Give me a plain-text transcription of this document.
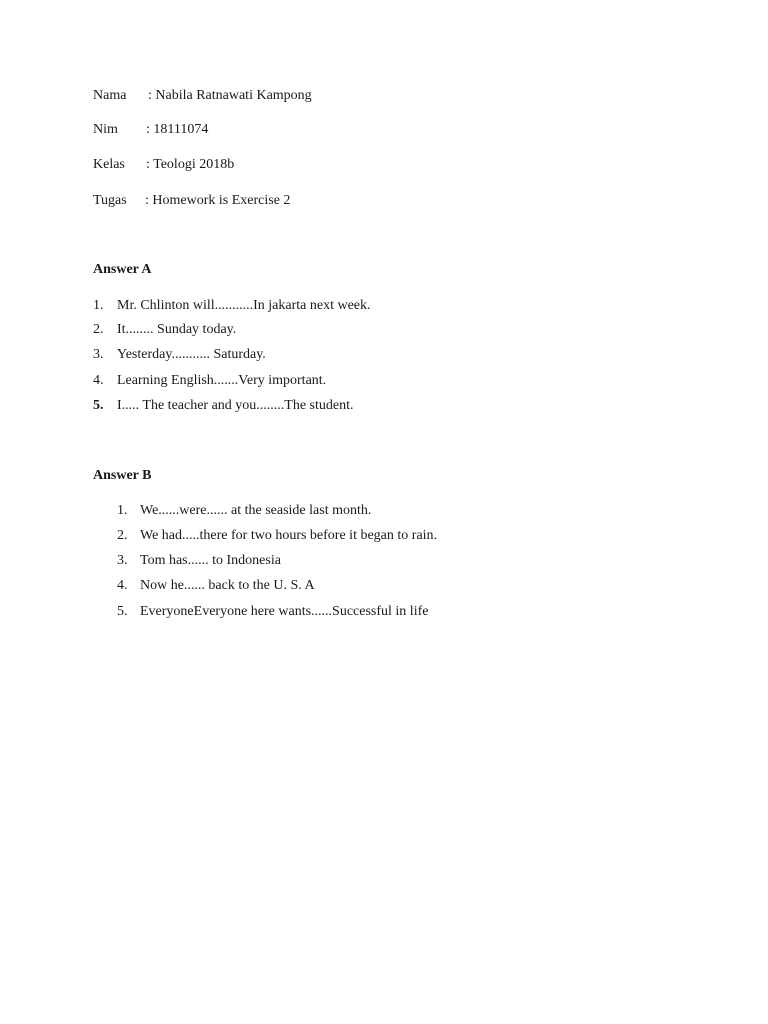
Nama : Nabila Ratnawati Kampong
Nim : 18111074
Kelas : Teologi 2018b
Tugas : Homework is Exercise 2
Answer A
1. Mr. Chlinton will...........In jakarta next week.
2. It........ Sunday today.
3. Yesterday........... Saturday.
4. Learning English.......Very important.
5. I..... The teacher and you........The student.
Answer B
1. We......were...... at the seaside last month.
2. We had.....there for two hours before it began to rain.
3. Tom has...... to Indonesia
4. Now he...... back to the U. S. A
5. EveryoneEveryone here wants......Successful in life
